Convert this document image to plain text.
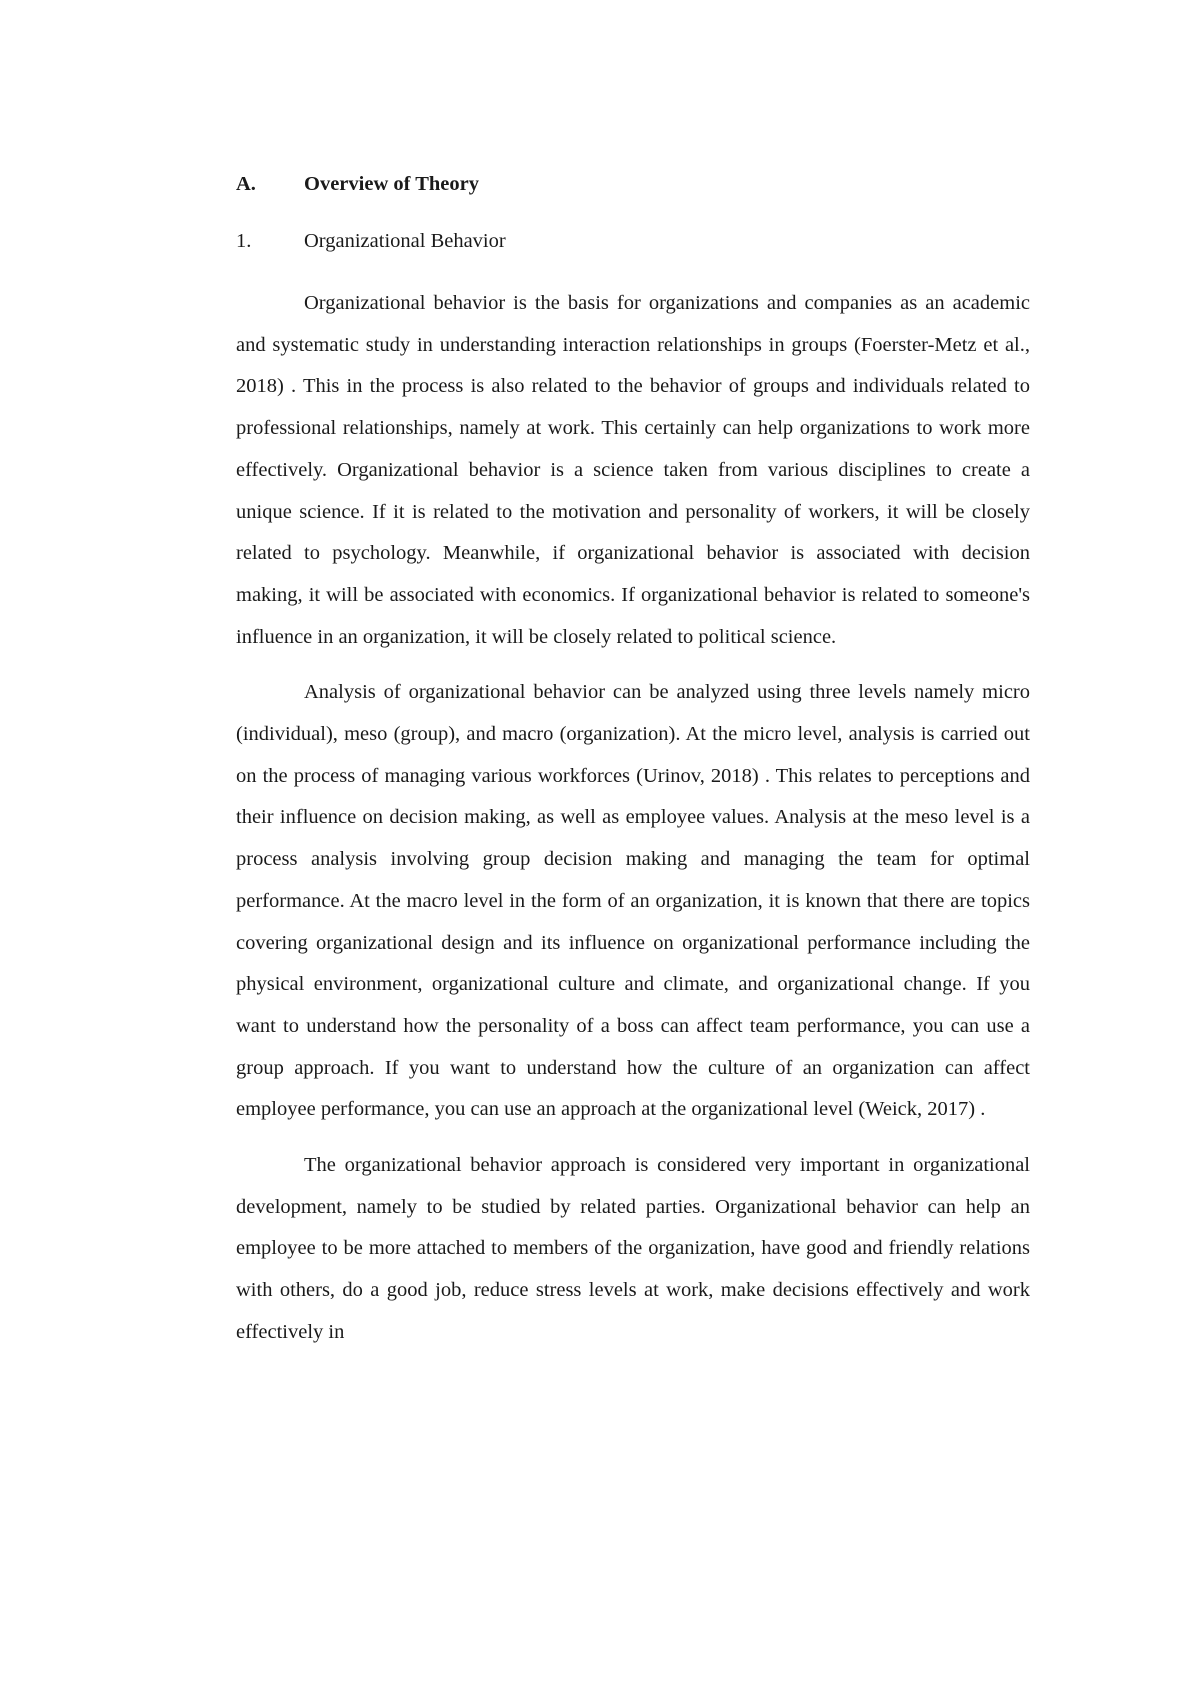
A.	Overview of Theory
1.	Organizational Behavior

Organizational behavior is the basis for organizations and companies as an academic and systematic study in understanding interaction relationships in groups (Foerster-Metz et al., 2018) . This in the process is also related to the behavior of groups and individuals related to professional relationships, namely at work. This certainly can help organizations to work more effectively. Organizational behavior is a science taken from various disciplines to create a unique science. If it is related to the motivation and personality of workers, it will be closely related to psychology. Meanwhile, if organizational behavior is associated with decision making, it will be associated with economics. If organizational behavior is related to someone's influence in an organization, it will be closely related to political science.

Analysis of organizational behavior can be analyzed using three levels namely micro (individual), meso (group), and macro (organization). At the micro level, analysis is carried out on the process of managing various workforces (Urinov, 2018) . This relates to perceptions and their influence on decision making, as well as employee values. Analysis at the meso level is a process analysis involving group decision making and managing the team for optimal performance. At the macro level in the form of an organization, it is known that there are topics covering organizational design and its influence on organizational performance including the physical environment, organizational culture and climate, and organizational change. If you want to understand how the personality of a boss can affect team performance, you can use a group approach. If you want to understand how the culture of an organization can affect employee performance, you can use an approach at the organizational level (Weick, 2017) .

The organizational behavior approach is considered very important in organizational development, namely to be studied by related parties. Organizational behavior can help an employee to be more attached to members of the organization, have good and friendly relations with others, do a good job, reduce stress levels at work, make decisions effectively and work effectively in
